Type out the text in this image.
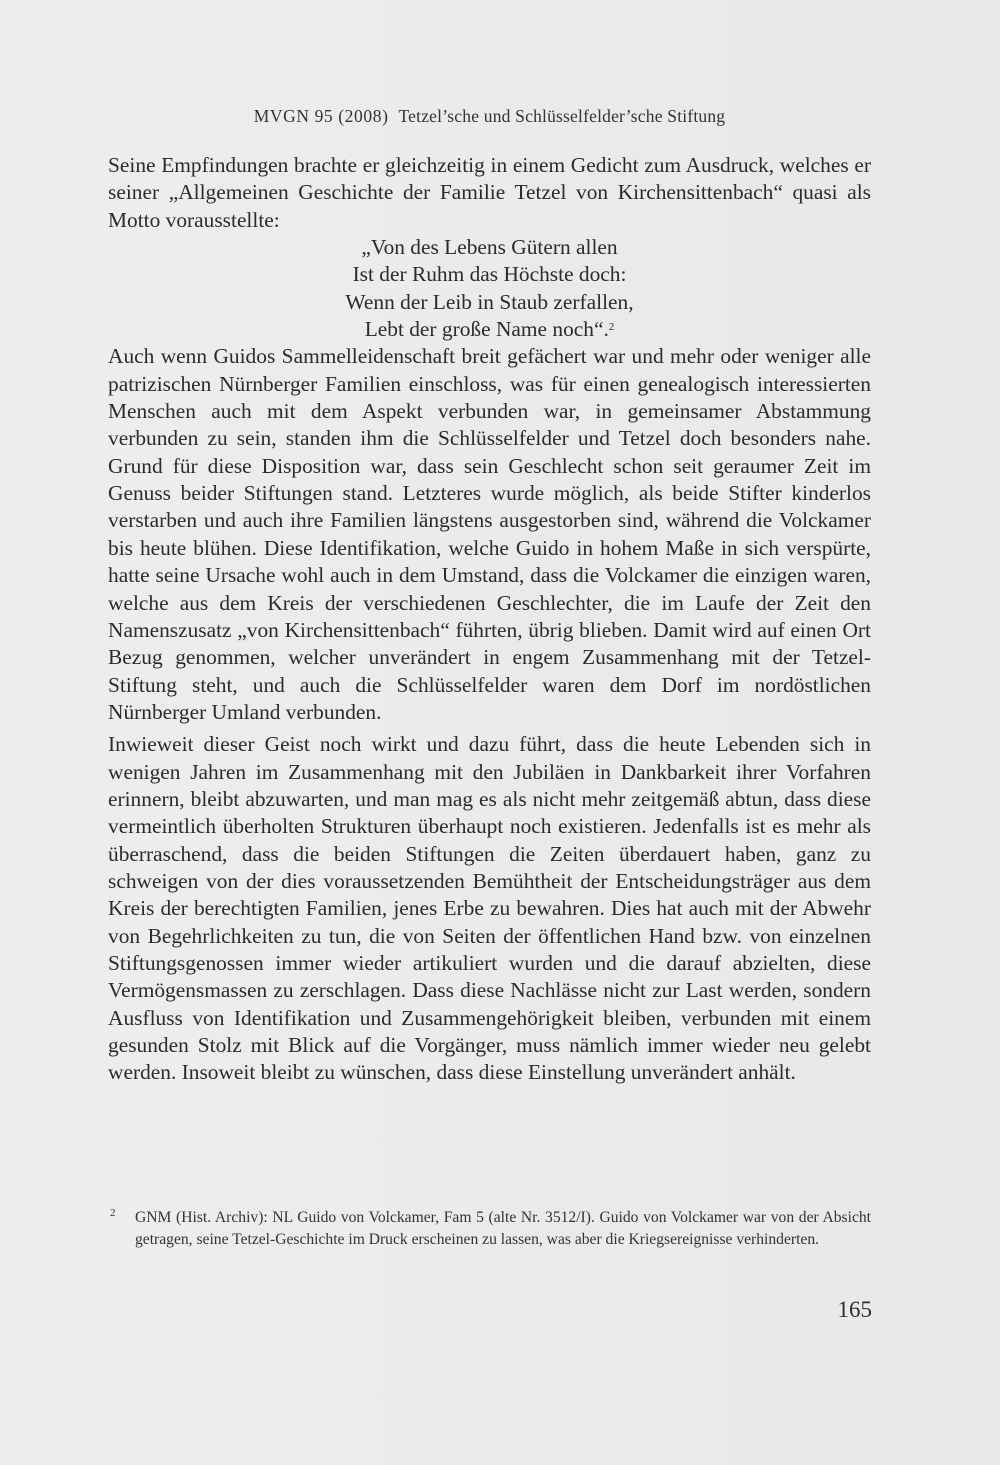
MVGN 95 (2008) Tetzel’sche und Schlüsselfelder’sche Stiftung

Seine Empfindungen brachte er gleichzeitig in einem Gedicht zum Ausdruck, welches er seiner „Allgemeinen Geschichte der Familie Tetzel von Kirchensittenbach“ quasi als Motto vorausstellte:

„Von des Lebens Gütern allen
Ist der Ruhm das Höchste doch:
Wenn der Leib in Staub zerfallen,
Lebt der große Name noch“.$^2$

Auch wenn Guidos Sammelleidenschaft breit gefächert war und mehr oder weniger alle patrizischen Nürnberger Familien einschloss, was für einen genealogisch interessierten Menschen auch mit dem Aspekt verbunden war, in gemeinsamer Abstammung verbunden zu sein, standen ihm die Schlüsselfelder und Tetzel doch besonders nahe. Grund für diese Disposition war, dass sein Geschlecht schon seit geraumer Zeit im Genuss beider Stiftungen stand. Letzteres wurde möglich, als beide Stifter kinderlos verstarben und auch ihre Familien längstens ausgestorben sind, während die Volckamer bis heute blühen. Diese Identifikation, welche Guido in hohem Maße in sich verspürte, hatte seine Ursache wohl auch in dem Umstand, dass die Volckamer die einzigen waren, welche aus dem Kreis der verschiedenen Geschlechter, die im Laufe der Zeit den Namenszusatz „von Kirchensittenbach“ führten, übrig blieben. Damit wird auf einen Ort Bezug genommen, welcher unverändert in engem Zusammenhang mit der Tetzel-Stiftung steht, und auch die Schlüsselfelder waren dem Dorf im nordöstlichen Nürnberger Umland verbunden.

Inwieweit dieser Geist noch wirkt und dazu führt, dass die heute Lebenden sich in wenigen Jahren im Zusammenhang mit den Jubiläen in Dankbarkeit ihrer Vorfahren erinnern, bleibt abzuwarten, und man mag es als nicht mehr zeitgemäß abtun, dass diese vermeintlich überholten Strukturen überhaupt noch existieren. Jedenfalls ist es mehr als überraschend, dass die beiden Stiftungen die Zeiten überdauert haben, ganz zu schweigen von der dies voraussetzenden Bemühtheit der Entscheidungsträger aus dem Kreis der berechtigten Familien, jenes Erbe zu bewahren. Dies hat auch mit der Abwehr von Begehrlichkeiten zu tun, die von Seiten der öffentlichen Hand bzw. von einzelnen Stiftungsgenossen immer wieder artikuliert wurden und die darauf abzielten, diese Vermögensmassen zu zerschlagen. Dass diese Nachlässe nicht zur Last werden, sondern Ausfluss von Identifikation und Zusammengehörigkeit bleiben, verbunden mit einem gesunden Stolz mit Blick auf die Vorgänger, muss nämlich immer wieder neu gelebt werden. Insoweit bleibt zu wünschen, dass diese Einstellung unverändert anhält.

2 GNM (Hist. Archiv): NL Guido von Volckamer, Fam 5 (alte Nr. 3512/I). Guido von Volckamer war von der Absicht getragen, seine Tetzel-Geschichte im Druck erscheinen zu lassen, was aber die Kriegsereignisse verhinderten.
165
